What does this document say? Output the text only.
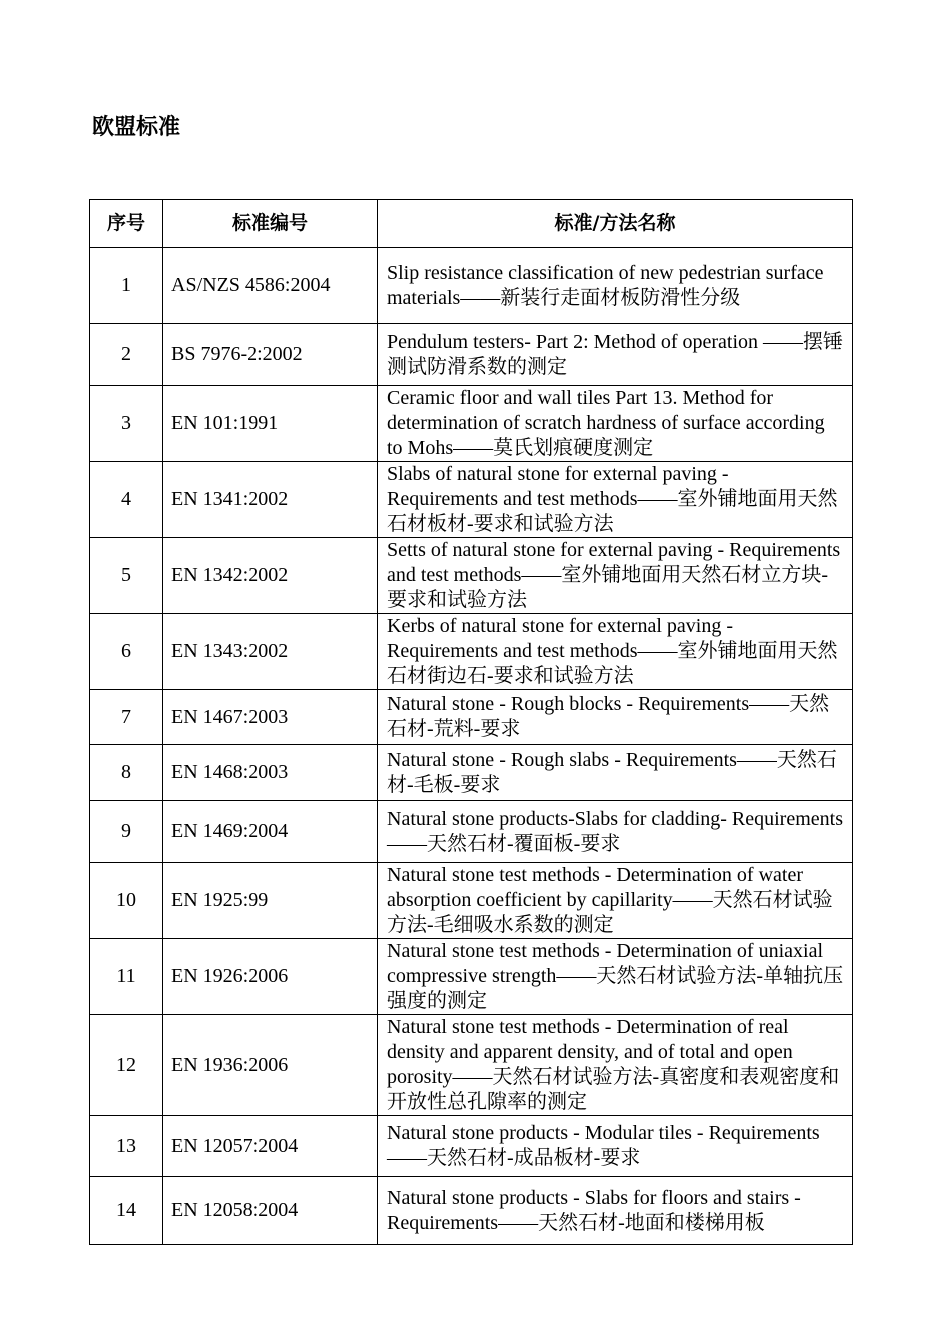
欧盟标准
序号	标准编号	标准/方法名称
1	AS/NZS 4586:2004	Slip resistance classification of new pedestrian surface materials——新装行走面材板防滑性分级
2	BS 7976-2:2002	Pendulum testers- Part 2: Method of operation ——摆锤测试防滑系数的测定
3	EN 101:1991	Ceramic floor and wall tiles Part 13. Method for determination of scratch hardness of surface according to Mohs——莫氏划痕硬度测定
4	EN 1341:2002	Slabs of natural stone for external paving - Requirements and test methods——室外铺地面用天然石材板材-要求和试验方法
5	EN 1342:2002	Setts of natural stone for external paving - Requirements and test methods——室外铺地面用天然石材立方块-要求和试验方法
6	EN 1343:2002	Kerbs of natural stone for external paving - Requirements and test methods——室外铺地面用天然石材街边石-要求和试验方法
7	EN 1467:2003	Natural stone - Rough blocks - Requirements——天然石材-荒料-要求
8	EN 1468:2003	Natural stone - Rough slabs - Requirements——天然石材-毛板-要求
9	EN 1469:2004	Natural stone products-Slabs for cladding- Requirements——天然石材-覆面板-要求
10	EN 1925:99	Natural stone test methods - Determination of water absorption coefficient by capillarity——天然石材试验方法-毛细吸水系数的测定
11	EN 1926:2006	Natural stone test methods - Determination of uniaxial compressive strength——天然石材试验方法-单轴抗压强度的测定
12	EN 1936:2006	Natural stone test methods - Determination of real density and apparent density, and of total and open porosity——天然石材试验方法-真密度和表观密度和开放性总孔隙率的测定
13	EN 12057:2004	Natural stone products - Modular tiles - Requirements——天然石材-成品板材-要求
14	EN 12058:2004	Natural stone products - Slabs for floors and stairs - Requirements——天然石材-地面和楼梯用板
